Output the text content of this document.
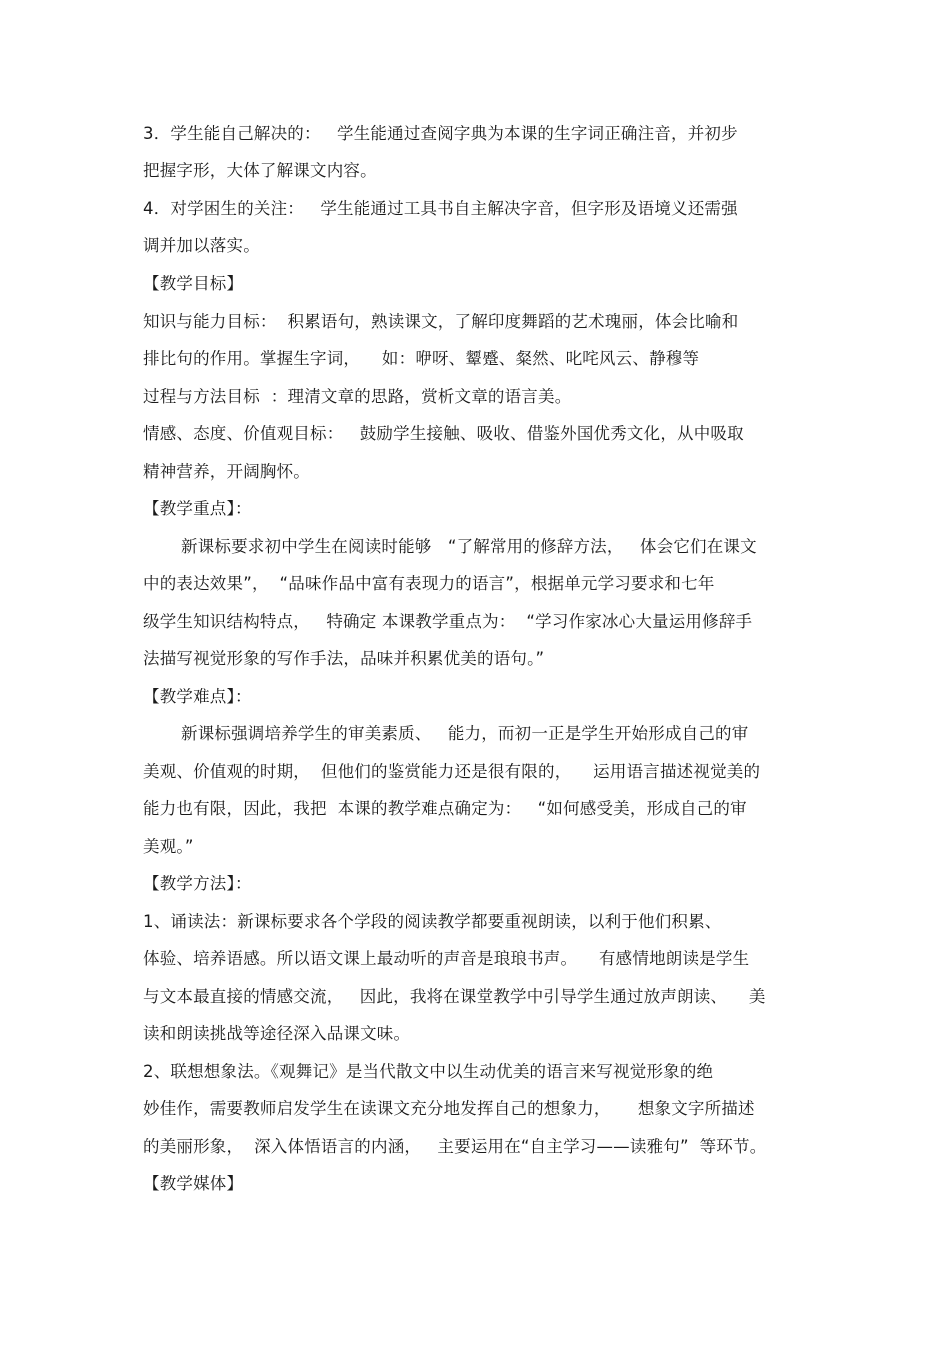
3．学生能自己解决的：   学生能通过查阅字典为本课的生字词正确注音，并初步
把握字形，大体了解课文内容。
4．对学困生的关注：   学生能通过工具书自主解决字音，但字形及语境义还需强
调并加以落实。
【教学目标】
知识与能力目标：  积累语句，熟读课文，了解印度舞蹈的艺术瑰丽，体会比喻和
排比句的作用。掌握生字词，    如：咿呀、颦蹙、粲然、叱咤风云、静穆等
过程与方法目标  ：理清文章的思路，赏析文章的语言美。
情感、态度、价值观目标：   鼓励学生接触、吸收、借鉴外国优秀文化，从中吸取
精神营养，开阔胸怀。
【教学重点】：
新课标要求初中学生在阅读时能够   “了解常用的修辞方法，   体会它们在课文
中的表达效果”，  “品味作品中富有表现力的语言”，根据单元学习要求和七年
级学生知识结构特点，   特确定 本课教学重点为：  “学习作家冰心大量运用修辞手
法描写视觉形象的写作手法，品味并积累优美的语句。”
【教学难点】：
新课标强调培养学生的审美素质、   能力，而初一正是学生开始形成自己的审
美观、价值观的时期，  但他们的鉴赏能力还是很有限的，    运用语言描述视觉美的
能力也有限，因此，我把  本课的教学难点确定为：   “如何感受美，形成自己的审
美观。”
【教学方法】：
1、诵读法：新课标要求各个学段的阅读教学都要重视朗读，以利于他们积累、
体验、培养语感。所以语文课上最动听的声音是琅琅书声。    有感情地朗读是学生
与文本最直接的情感交流，   因此，我将在课堂教学中引导学生通过放声朗读、    美
读和朗读挑战等途径深入品课文味。
2、联想想象法。《观舞记》是当代散文中以生动优美的语言来写视觉形象的绝
妙佳作，需要教师启发学生在读课文充分地发挥自己的想象力，     想象文字所描述
的美丽形象，  深入体悟语言的内涵，   主要运用在“自主学习——读雅句”  等环节。
【教学媒体】
